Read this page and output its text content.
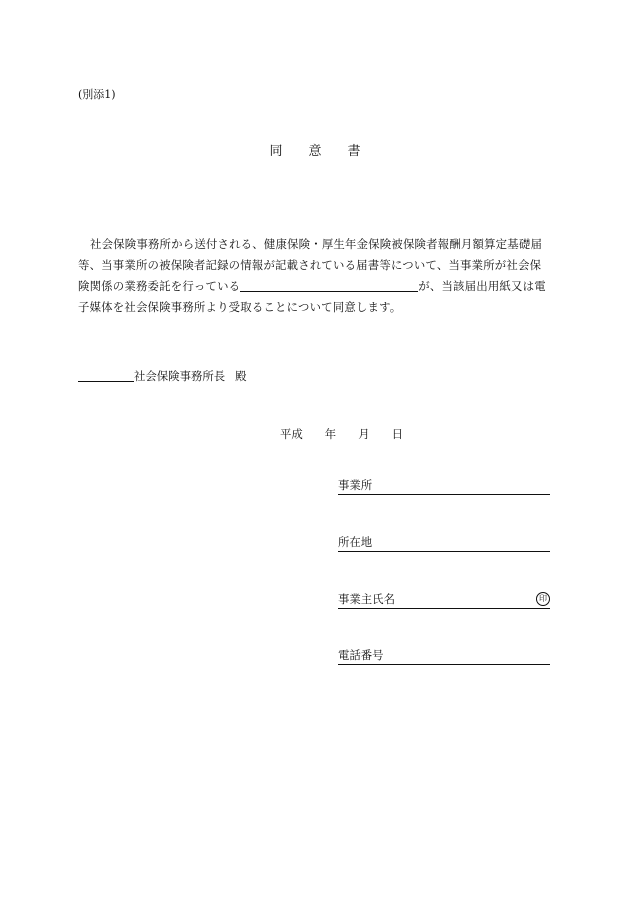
(別添1)
同意書
社会保険事務所から送付される、健康保険・厚生年金保険被保険者報酬月額算定基礎届
等、当事業所の被保険者記録の情報が記載されている届書等について、当事業所が社会保
険関係の業務委託を行っている	が、当該届出用紙又は電
子媒体を社会保険事務所より受取ることについて同意します。
社会保険事務所長 殿
平成 年 月 日
事業所
所在地
事業主氏名	印
電話番号
